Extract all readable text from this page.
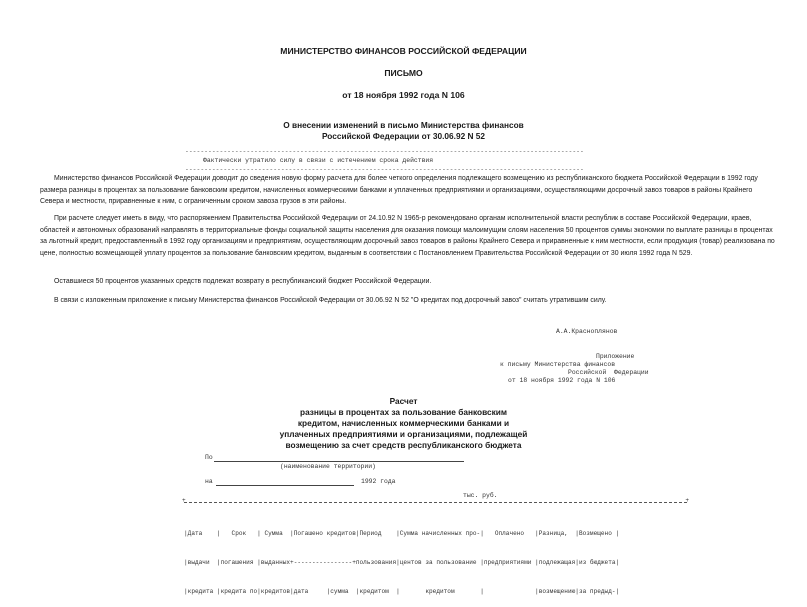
МИНИСТЕРСТВО ФИНАНСОВ РОССИЙСКОЙ ФЕДЕРАЦИИ
ПИСЬМО
от 18 ноября 1992 года N 106
О внесении изменений в письмо Министерства финансов
Российской Федерации от 30.06.92 N 52
--------------------------------------------------------------------------------------------------------
Фактически утратило силу в связи с истечением срока действия
--------------------------------------------------------------------------------------------------------
Министерство финансов Российской Федерации доводит до сведения новую форму расчета для более четкого определения подлежащего возмещению из республиканского бюджета Российской Федерации в 1992 году размера разницы в процентах за пользование банковским кредитом, начисленных коммерческими банками и уплаченных предприятиями и организациями, осуществляющими досрочный завоз товаров в районы Крайнего Севера и местности, приравненные к ним, с ограниченным сроком завоза грузов в эти районы.
При расчете следует иметь в виду, что распоряжением Правительства Российской Федерации от 24.10.92 N 1965-р рекомендовано органам исполнительной власти республик в составе Российской Федерации, краев, областей и автономных образований направлять в территориальные фонды социальной защиты населения для оказания помощи малоимущим слоям населения 50 процентов суммы экономии по выплате разницы в процентах за льготный кредит, предоставленный в 1992 году организациям и предприятиям, осуществляющим досрочный завоз товаров в районы Крайнего Севера и приравненные к ним местности, если продукция (товар) реализована по цене, полностью возмещающей уплату процентов за пользование банковским кредитом, выданным в соответствии с Постановлением Правительства Российской Федерации от 30 июля 1992 года N 529.
Оставшиеся 50 процентов указанных средств подлежат возврату в республиканский бюджет Российской Федерации.
В связи с изложенным приложение к письму Министерства финансов Российской Федерации от 30.06.92 N 52 "О кредитах под досрочный завоз" считать утратившим силу.
А.А.Красноплянов
Приложение
к письму Министерства финансов
Российской  Федерации
от 18 ноября 1992 года N 106
Расчет
разницы в процентах за пользование банковским
кредитом, начисленных коммерческими банками и
уплаченных предприятиями и организациями, подлежащей
возмещению за счет средств республиканского бюджета
По
(наименование территории)
на	1992 года
тыс. руб.
+	+

|Дата    |   Срок   | Сумма  |Погашено кредитов|Период    |Сумма начисленных про-|   Оплачено   |Разница,  |Возмещено |

|выдачи  |погашения |выданных+----------------+пользования|центов за пользование |предприятиями |подлежащая|из бюджета|

|кредита |кредита по|кредитов|дата     |сумма  |кредитом  |       кредитом       |              |возмещению|за предыд-|
